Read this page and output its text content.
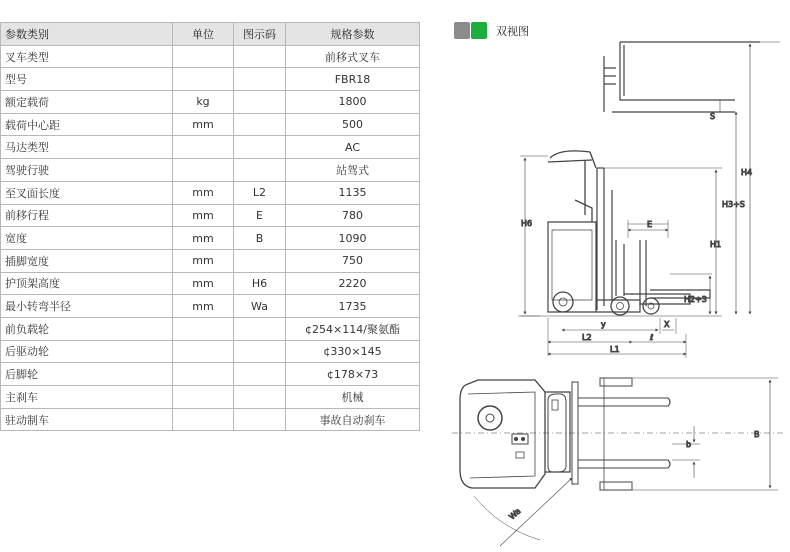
参数类别	单位	图示码	规格参数
叉车类型			前移式叉车
型号			FBR18
额定载荷	kg		1800
载荷中心距	mm		500
马达类型			AC
驾驶行驶			站驾式
至叉面长度	mm	L2	1135
前移行程	mm	E	780
宽度	mm	B	1090
插脚宽度	mm		750
护顶架高度	mm	H6	2220
最小转弯半径	mm	Wa	1735
前负载轮			¢254×114/聚氨酯
后驱动轮			¢330×145
后脚轮			¢178×73
主刹车			机械
驻动制车			事故自动刹车
双视图
S
H4
H3+S
H1
H6	E
H2+3
X
y
L2	ℓ
L1
B
b
Wa
